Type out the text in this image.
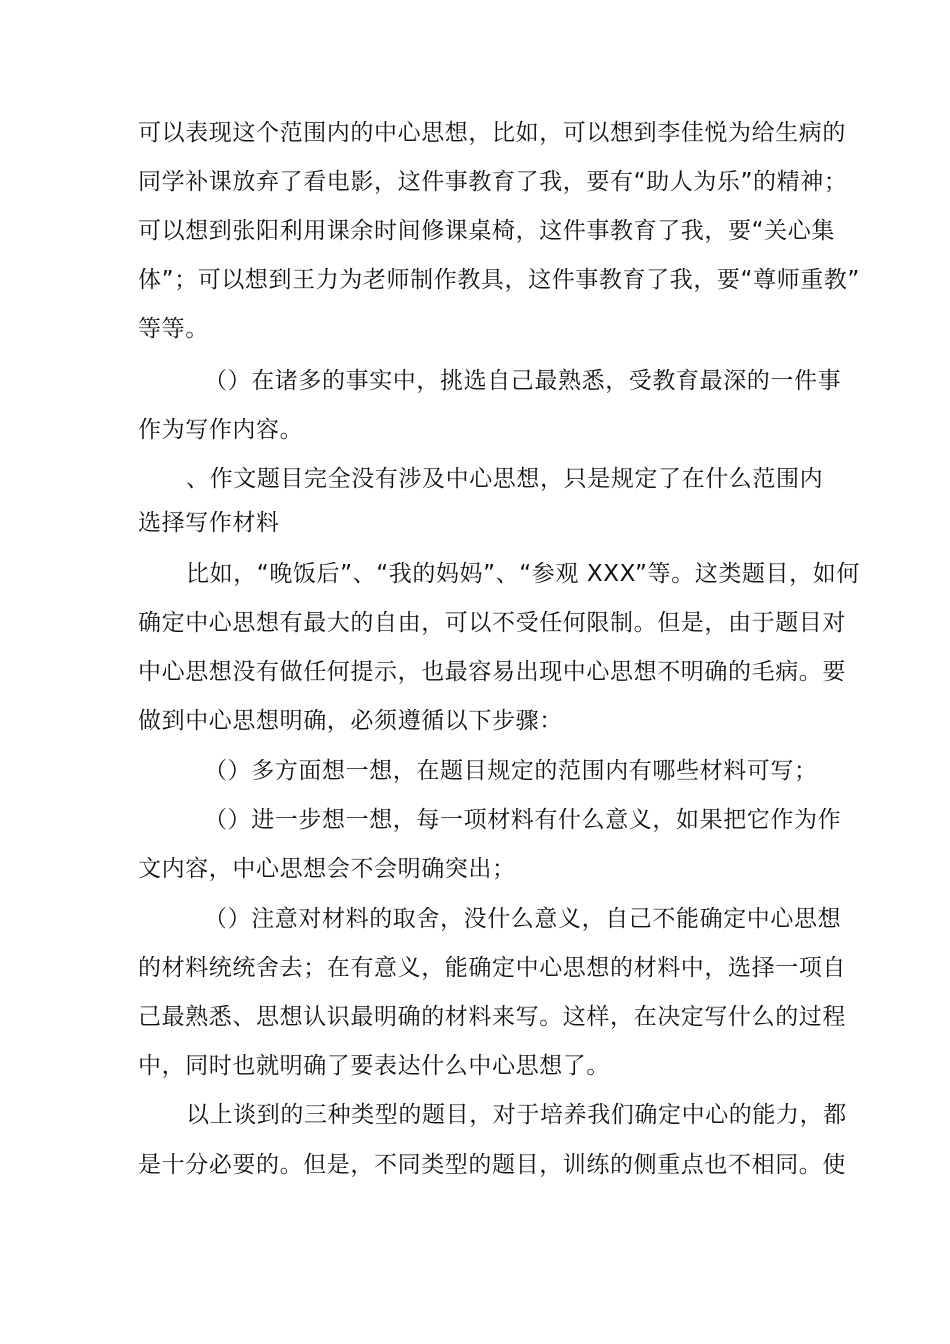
可以表现这个范围内的中心思想，比如，可以想到李佳悦为给生病的
同学补课放弃了看电影，这件事教育了我，要有“助人为乐”的精神；
可以想到张阳利用课余时间修课桌椅，这件事教育了我，要“关心集
体”；可以想到王力为老师制作教具，这件事教育了我，要“尊师重教”
等等。
（）在诸多的事实中，挑选自己最熟悉，受教育最深的一件事
作为写作内容。
、作文题目完全没有涉及中心思想，只是规定了在什么范围内
选择写作材料
比如，“晚饭后”、“我的妈妈”、“参观 XXX”等。这类题目，如何
确定中心思想有最大的自由，可以不受任何限制。但是，由于题目对
中心思想没有做任何提示，也最容易出现中心思想不明确的毛病。要
做到中心思想明确，必须遵循以下步骤：
（）多方面想一想，在题目规定的范围内有哪些材料可写；
（）进一步想一想，每一项材料有什么意义，如果把它作为作
文内容，中心思想会不会明确突出；
（）注意对材料的取舍，没什么意义，自己不能确定中心思想
的材料统统舍去；在有意义，能确定中心思想的材料中，选择一项自
己最熟悉、思想认识最明确的材料来写。这样，在决定写什么的过程
中，同时也就明确了要表达什么中心思想了。
以上谈到的三种类型的题目，对于培养我们确定中心的能力，都
是十分必要的。但是，不同类型的题目，训练的侧重点也不相同。使
